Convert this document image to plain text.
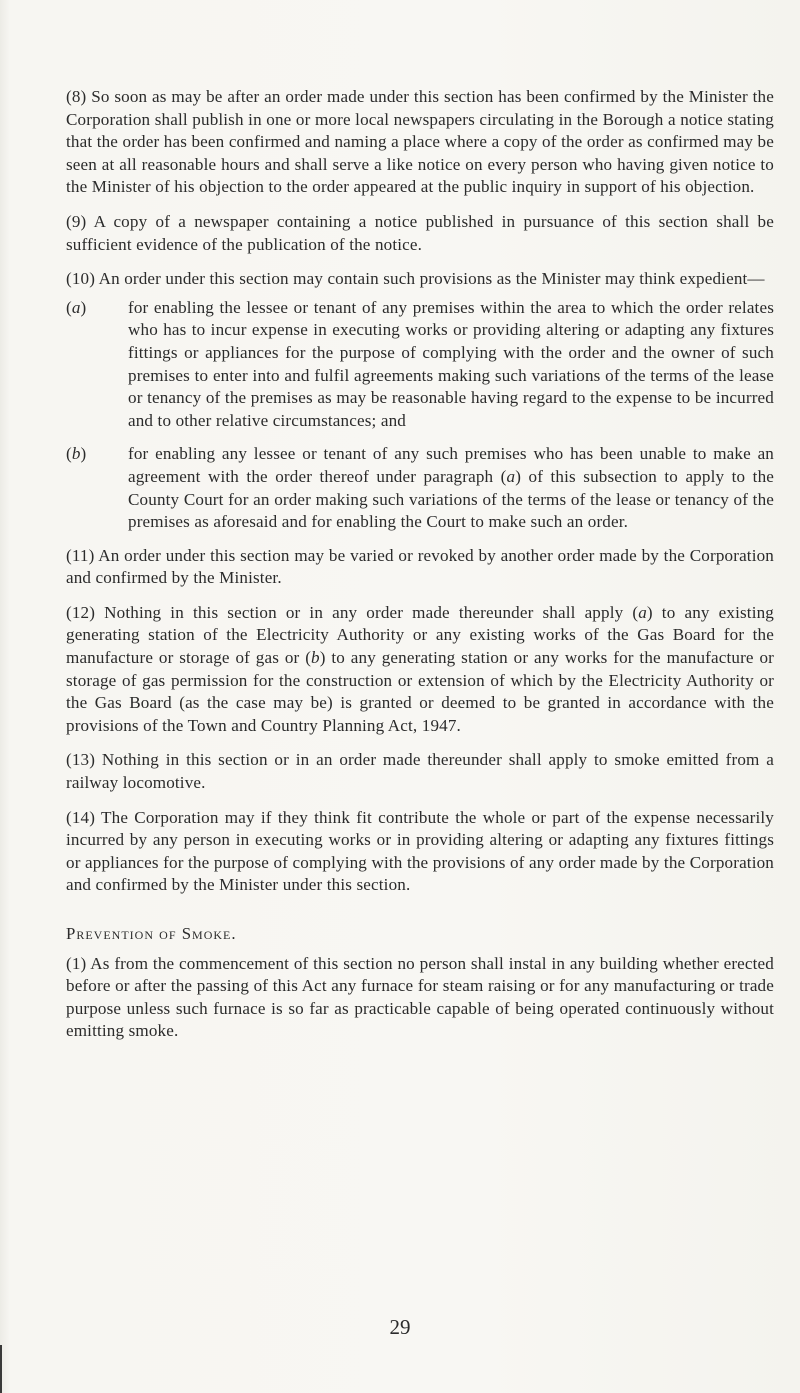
(8) So soon as may be after an order made under this section has been confirmed by the Minister the Corporation shall publish in one or more local newspapers circulating in the Borough a notice stating that the order has been confirmed and naming a place where a copy of the order as confirmed may be seen at all reasonable hours and shall serve a like notice on every person who having given notice to the Minister of his objection to the order appeared at the public inquiry in support of his objection.

(9) A copy of a newspaper containing a notice published in pursuance of this section shall be sufficient evidence of the publication of the notice.

(10) An order under this section may contain such provisions as the Minister may think expedient—

(a)	for enabling the lessee or tenant of any premises within the area to which the order relates who has to incur expense in executing works or providing altering or adapting any fixtures fittings or appliances for the purpose of complying with the order and the owner of such premises to enter into and fulfil agreements making such variations of the terms of the lease or tenancy of the premises as may be reasonable having regard to the expense to be incurred and to other relative circumstances; and
(b)	for enabling any lessee or tenant of any such premises who has been unable to make an agreement with the order thereof under paragraph (a) of this subsection to apply to the County Court for an order making such variations of the terms of the lease or tenancy of the premises as aforesaid and for enabling the Court to make such an order.

(11) An order under this section may be varied or revoked by another order made by the Corporation and confirmed by the Minister.

(12) Nothing in this section or in any order made thereunder shall apply (a) to any existing generating station of the Electricity Authority or any existing works of the Gas Board for the manufacture or storage of gas or (b) to any generating station or any works for the manufacture or storage of gas permission for the construction or extension of which by the Electricity Authority or the Gas Board (as the case may be) is granted or deemed to be granted in accordance with the provisions of the Town and Country Planning Act, 1947.

(13) Nothing in this section or in an order made thereunder shall apply to smoke emitted from a railway locomotive.

(14) The Corporation may if they think fit contribute the whole or part of the expense necessarily incurred by any person in executing works or in providing altering or adapting any fixtures fittings or appliances for the purpose of complying with the provisions of any order made by the Corporation and confirmed by the Minister under this section.

Prevention of Smoke.

(1) As from the commencement of this section no person shall instal in any building whether erected before or after the passing of this Act any furnace for steam raising or for any manufacturing or trade purpose unless such furnace is so far as practicable capable of being operated continuously without emitting smoke.

29
